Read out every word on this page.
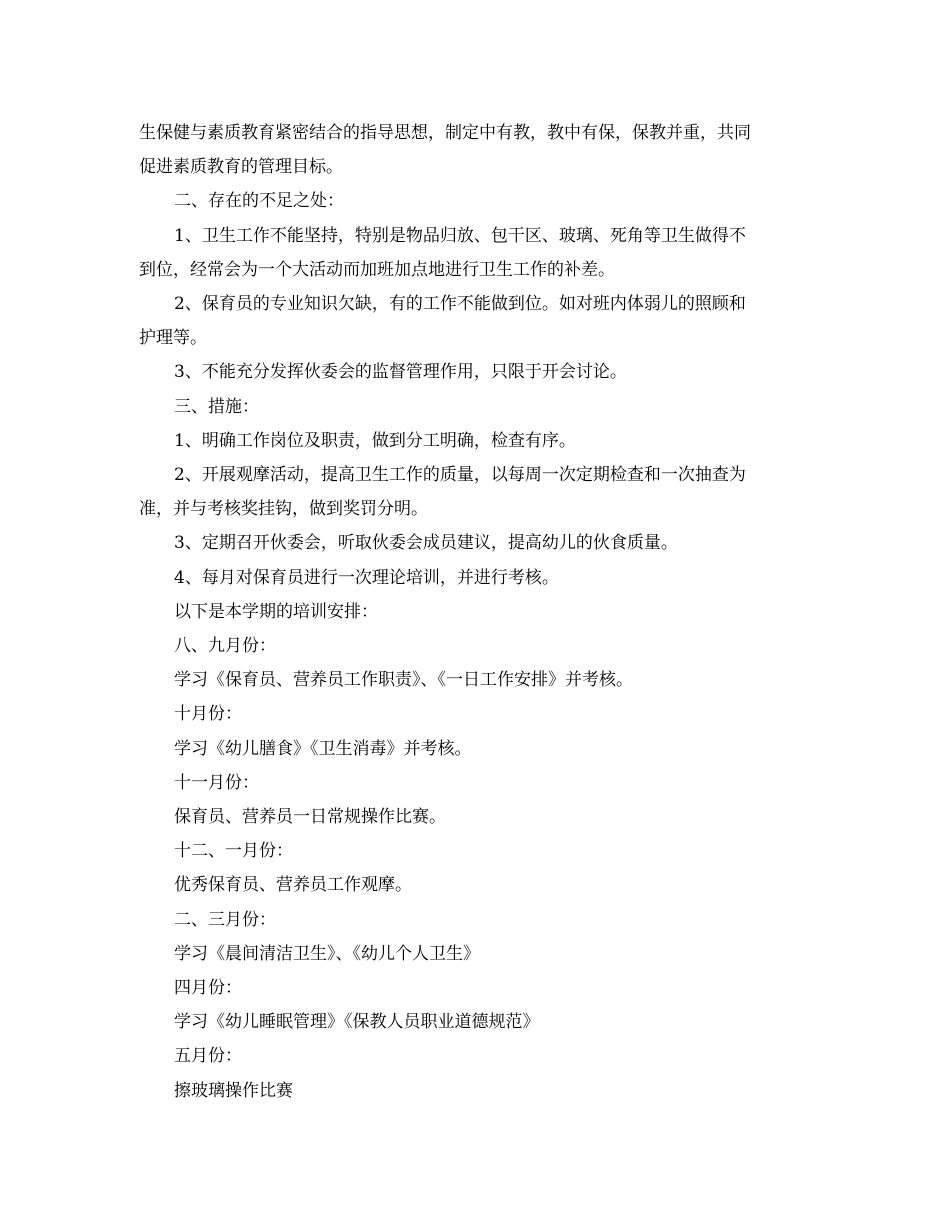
生保健与素质教育紧密结合的指导思想，制定中有教，教中有保，保教并重，共同

促进素质教育的管理目标。

二、存在的不足之处：

1、卫生工作不能坚持，特别是物品归放、包干区、玻璃、死角等卫生做得不

到位，经常会为一个大活动而加班加点地进行卫生工作的补差。

2、保育员的专业知识欠缺，有的工作不能做到位。如对班内体弱儿的照顾和

护理等。

3、不能充分发挥伙委会的监督管理作用，只限于开会讨论。

三、措施：

1、明确工作岗位及职责，做到分工明确，检查有序。

2、开展观摩活动，提高卫生工作的质量，以每周一次定期检查和一次抽查为

准，并与考核奖挂钩，做到奖罚分明。

3、定期召开伙委会，听取伙委会成员建议，提高幼儿的伙食质量。

4、每月对保育员进行一次理论培训，并进行考核。

以下是本学期的培训安排：

八、九月份：

学习《保育员、营养员工作职责》、《一日工作安排》并考核。

十月份：

学习《幼儿膳食》《卫生消毒》并考核。

十一月份：

保育员、营养员一日常规操作比赛。

十二、一月份：

优秀保育员、营养员工作观摩。

二、三月份：

学习《晨间清洁卫生》、《幼儿个人卫生》

四月份：

学习《幼儿睡眠管理》《保教人员职业道德规范》

五月份：

擦玻璃操作比赛
